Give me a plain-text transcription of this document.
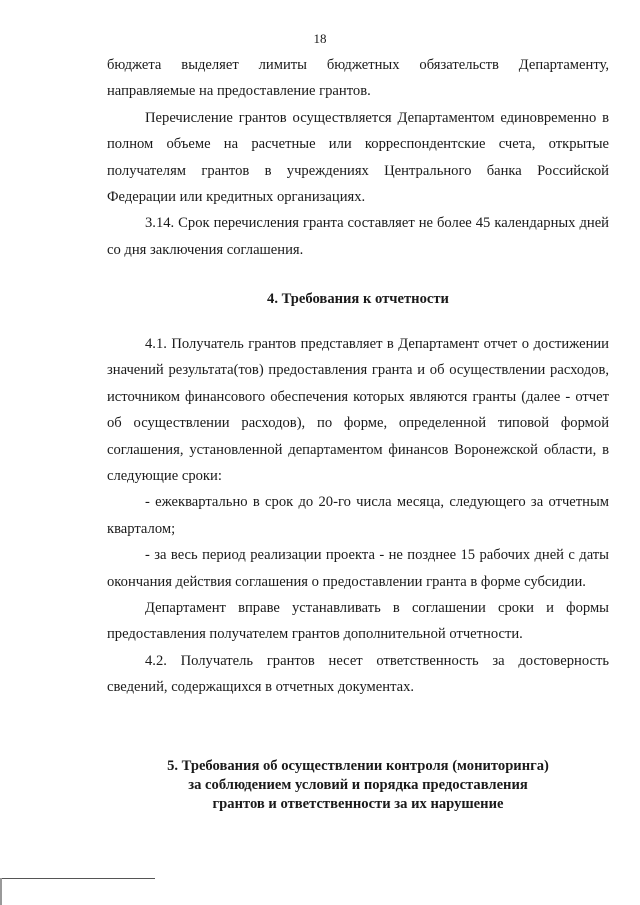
18

бюджета выделяет лимиты бюджетных обязательств Департаменту, направляемые на предоставление грантов.

Перечисление грантов осуществляется Департаментом единовременно в полном объеме на расчетные или корреспондентские счета, открытые получателям грантов в учреждениях Центрального банка Российской Федерации или кредитных организациях.

3.14. Срок перечисления гранта составляет не более 45 календарных дней со дня заключения соглашения.

4. Требования к отчетности

4.1. Получатель грантов представляет в Департамент отчет о достижении значений результата(тов) предоставления гранта и об осуществлении расходов, источником финансового обеспечения которых являются гранты (далее - отчет об осуществлении расходов), по форме, определенной типовой формой соглашения, установленной департаментом финансов Воронежской области, в следующие сроки:

- ежеквартально в срок до 20-го числа месяца, следующего за отчетным кварталом;

- за весь период реализации проекта - не позднее 15 рабочих дней с даты окончания действия соглашения о предоставлении гранта в форме субсидии.

Департамент вправе устанавливать в соглашении сроки и формы предоставления получателем грантов дополнительной отчетности.

4.2. Получатель грантов несет ответственность за достоверность сведений, содержащихся в отчетных документах.

5. Требования об осуществлении контроля (мониторинга)
за соблюдением условий и порядка предоставления
грантов и ответственности за их нарушение
